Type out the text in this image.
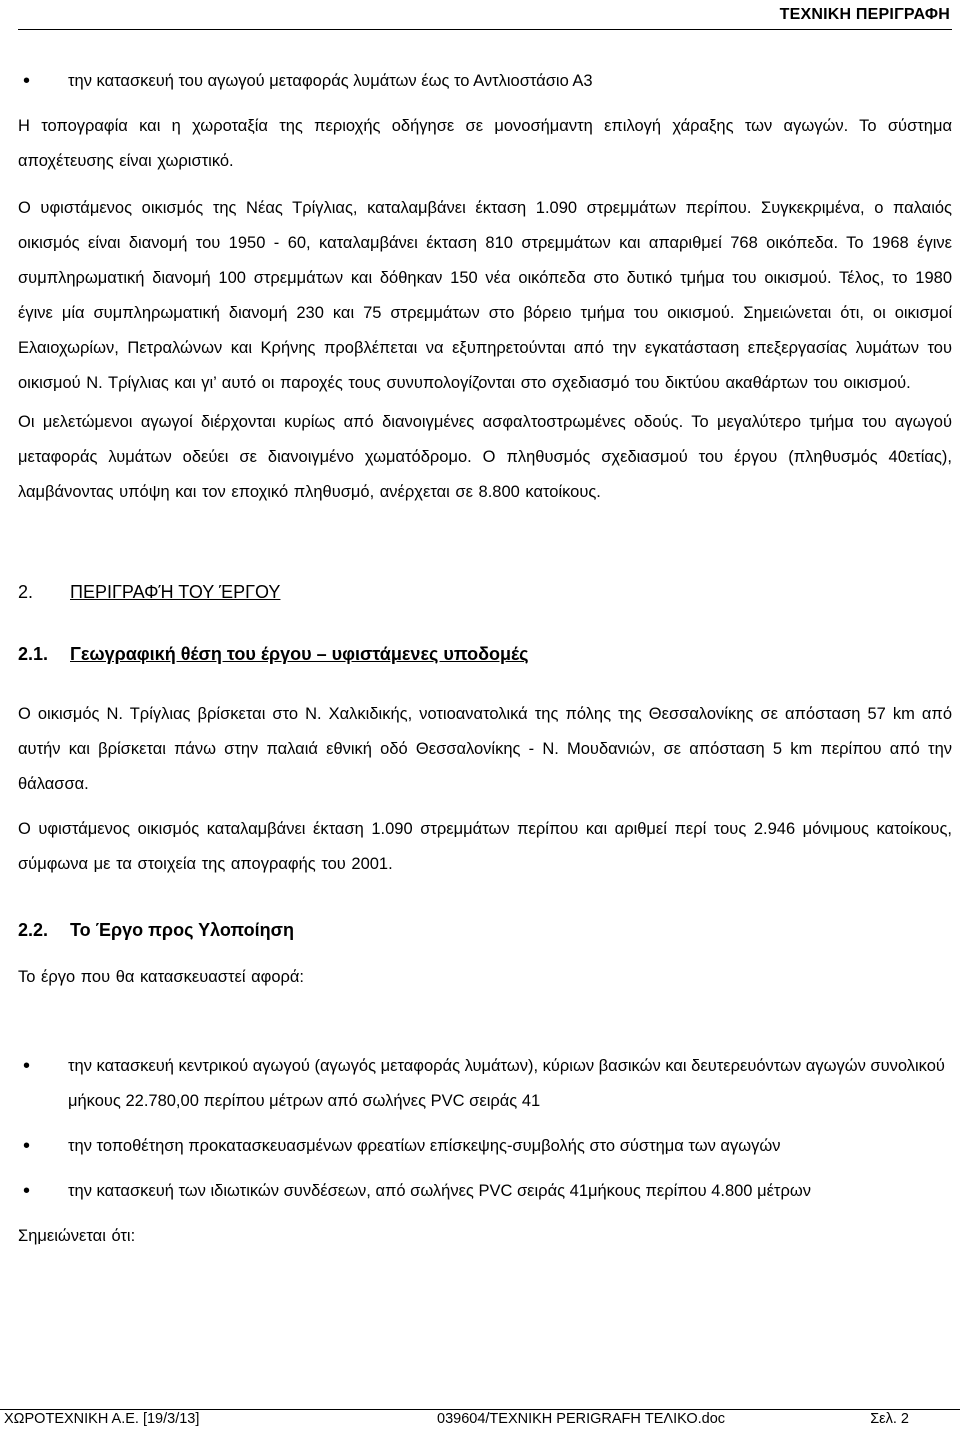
ΤΕΧΝΙΚΗ ΠΕΡΙΓΡΑΦΗ
• την κατασκευή του αγωγού μεταφοράς λυμάτων έως το Αντλιοστάσιο Α3

Η τοπογραφία και η χωροταξία της περιοχής οδήγησε σε μονοσήμαντη επιλογή χάραξης των αγωγών. Το σύστημα αποχέτευσης είναι χωριστικό.

Ο υφιστάμενος οικισμός της Νέας Τρίγλιας, καταλαμβάνει έκταση 1.090 στρεμμάτων περίπου. Συγκεκριμένα, ο παλαιός οικισμός είναι διανομή του 1950 - 60, καταλαμβάνει έκταση 810 στρεμμάτων και απαριθμεί 768 οικόπεδα. Το 1968 έγινε συμπληρωματική διανομή 100 στρεμμάτων και δόθηκαν 150 νέα οικόπεδα στο δυτικό τμήμα του οικισμού. Τέλος, το 1980 έγινε μία συμπληρωματική διανομή 230 και 75 στρεμμάτων στο βόρειο τμήμα του οικισμού. Σημειώνεται ότι, οι οικισμοί Ελαιοχωρίων, Πετραλώνων και Κρήνης προβλέπεται να εξυπηρετούνται από την εγκατάσταση επεξεργασίας λυμάτων του οικισμού Ν. Τρίγλιας και γι’ αυτό οι παροχές τους συνυπολογίζονται στο σχεδιασμό του δικτύου ακαθάρτων του οικισμού.

Οι μελετώμενοι αγωγοί διέρχονται κυρίως από διανοιγμένες ασφαλτοστρωμένες οδούς. Το μεγαλύτερο τμήμα του αγωγού μεταφοράς λυμάτων οδεύει σε διανοιγμένο χωματόδρομο. Ο πληθυσμός σχεδιασμού του έργου (πληθυσμός 40ετίας), λαμβάνοντας υπόψη και τον εποχικό πληθυσμό, ανέρχεται σε 8.800 κατοίκους.

2. ΠΕΡΙΓΡΑΦΉ ΤΟΥ ΈΡΓΟΥ
2.1. Γεωγραφική θέση του έργου – υφιστάμενες υποδομές

Ο οικισμός Ν. Τρίγλιας βρίσκεται στο Ν. Χαλκιδικής, νοτιοανατολικά της πόλης της Θεσσαλονίκης σε απόσταση 57 km από αυτήν και βρίσκεται πάνω στην παλαιά εθνική οδό Θεσσαλονίκης - Ν. Μουδανιών, σε απόσταση 5 km περίπου από την θάλασσα.

Ο υφιστάμενος οικισμός καταλαμβάνει έκταση 1.090 στρεμμάτων περίπου και αριθμεί περί τους 2.946 μόνιμους κατοίκους, σύμφωνα με τα στοιχεία της απογραφής του 2001.

2.2. Το Έργο προς Υλοποίηση

Το έργο που θα κατασκευαστεί αφορά:

• την κατασκευή κεντρικού αγωγού (αγωγός μεταφοράς λυμάτων), κύριων βασικών και δευτερευόντων αγωγών συνολικού μήκους 22.780,00 περίπου μέτρων από σωλήνες PVC σειράς 41
• την τοποθέτηση προκατασκευασμένων φρεατίων επίσκεψης-συμβολής στο σύστημα των αγωγών
• την κατασκευή των ιδιωτικών συνδέσεων, από σωλήνες PVC σειράς 41μήκους περίπου 4.800 μέτρων

Σημειώνεται ότι:

ΧΩΡΟΤΕΧΝΙΚΗ Α.Ε. [19/3/13]	039604/ΤΕΧΝΙΚΗ PERIGRAFH ΤΕΛΙΚΟ.doc	Σελ. 2
